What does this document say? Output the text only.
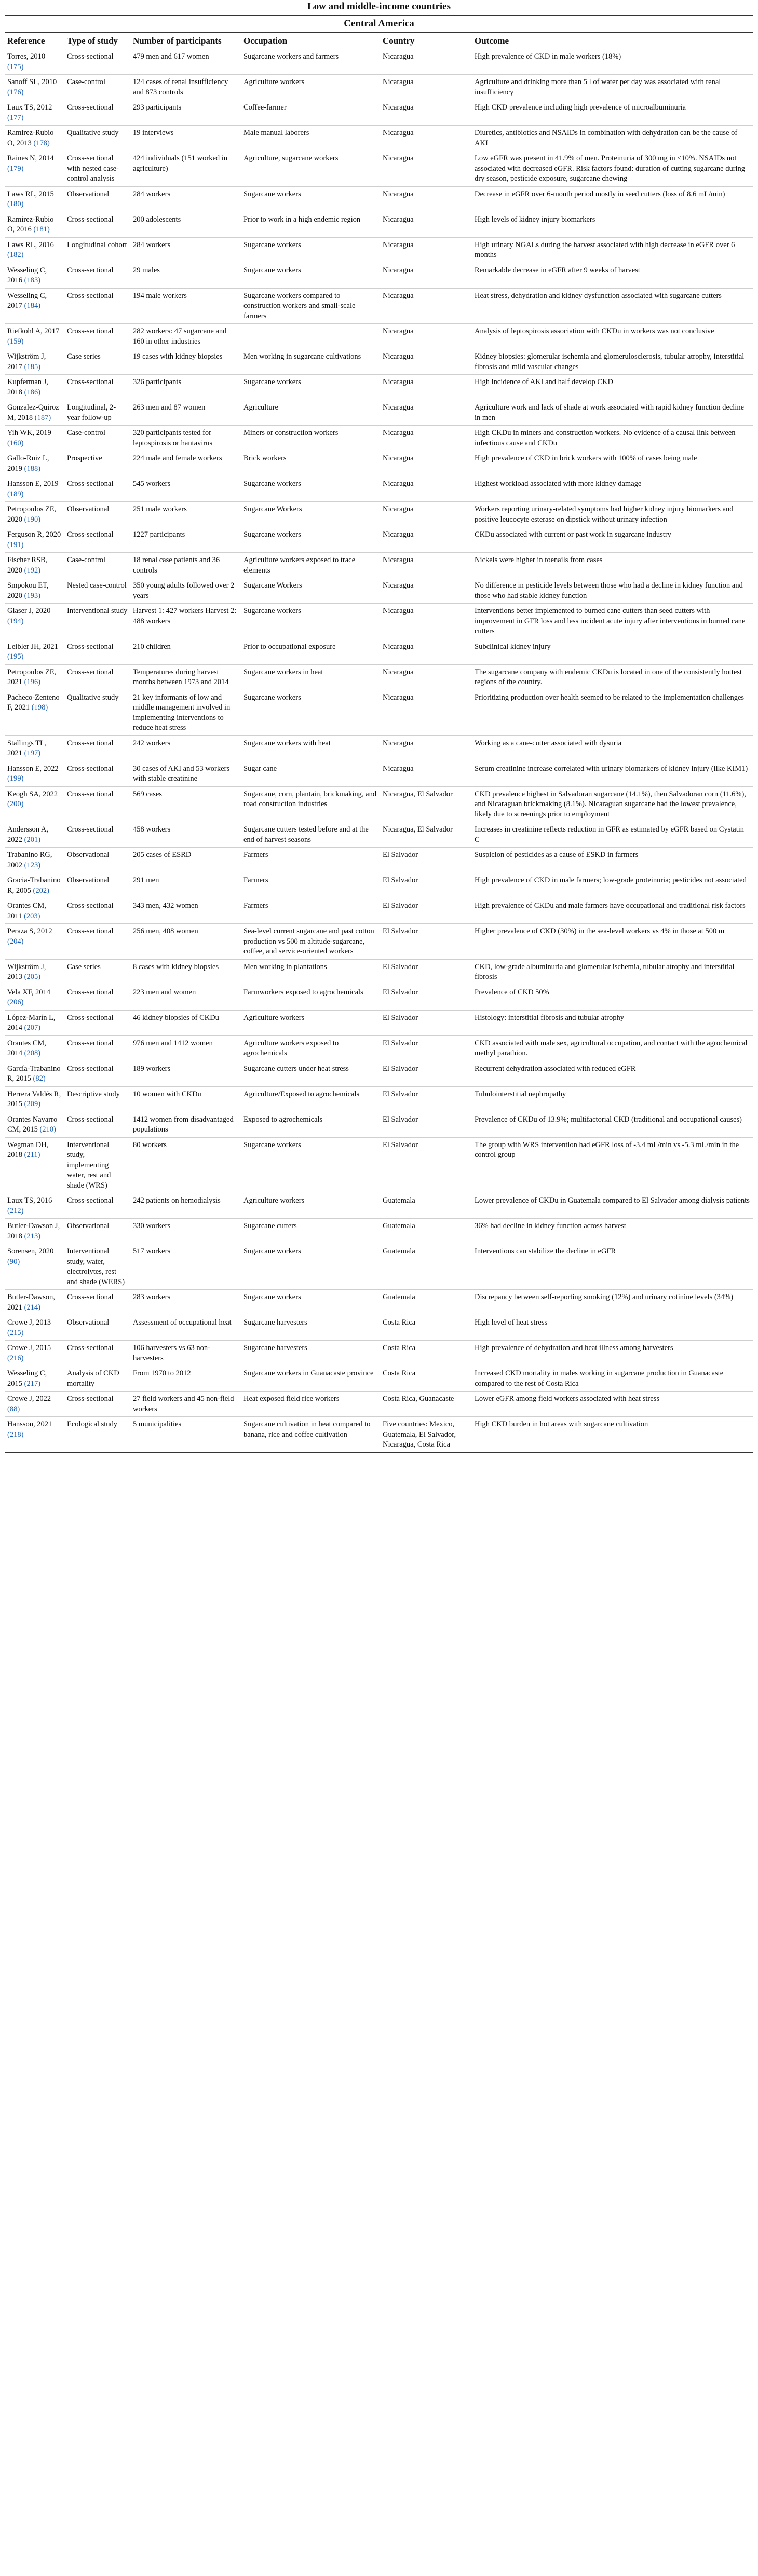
Low and middle-income countries
Central America
Reference	Type of study	Number of participants	Occupation	Country	Outcome
Torres, 2010 (175)	Cross-sectional	479 men and 617 women	Sugarcane workers and farmers	Nicaragua	High prevalence of CKD in male workers (18%)
Sanoff SL, 2010 (176)	Case-control	124 cases of renal insufficiency and 873 controls	Agriculture workers	Nicaragua	Agriculture and drinking more than 5 l of water per day was associated with renal insufficiency
Laux TS, 2012 (177)	Cross-sectional	293 participants	Coffee-farmer	Nicaragua	High CKD prevalence including high prevalence of microalbuminuria
Ramirez-Rubio O, 2013 (178)	Qualitative study	19 interviews	Male manual laborers	Nicaragua	Diuretics, antibiotics and NSAIDs in combination with dehydration can be the cause of AKI
Raines N, 2014 (179)	Cross-sectional with nested case-control analysis	424 individuals (151 worked in agriculture)	Agriculture, sugarcane workers	Nicaragua	Low eGFR was present in 41.9% of men. Proteinuria of 300 mg in <10%. NSAIDs not associated with decreased eGFR. Risk factors found: duration of cutting sugarcane during dry season, pesticide exposure, sugarcane chewing
Laws RL, 2015 (180)	Observational	284 workers	Sugarcane workers	Nicaragua	Decrease in eGFR over 6-month period mostly in seed cutters (loss of 8.6 mL/min)
Ramirez-Rubio O, 2016 (181)	Cross-sectional	200 adolescents	Prior to work in a high endemic region	Nicaragua	High levels of kidney injury biomarkers
Laws RL, 2016 (182)	Longitudinal cohort	284 workers	Sugarcane workers	Nicaragua	High urinary NGALs during the harvest associated with high decrease in eGFR over 6 months
Wesseling C, 2016 (183)	Cross-sectional	29 males	Sugarcane workers	Nicaragua	Remarkable decrease in eGFR after 9 weeks of harvest
Wesseling C, 2017 (184)	Cross-sectional	194 male workers	Sugarcane workers compared to construction workers and small-scale farmers	Nicaragua	Heat stress, dehydration and kidney dysfunction associated with sugarcane cutters
Riefkohl A, 2017 (159)	Cross-sectional	282 workers: 47 sugarcane and 160 in other industries		Nicaragua	Analysis of leptospirosis association with CKDu in workers was not conclusive
Wijkström J, 2017 (185)	Case series	19 cases with kidney biopsies	Men working in sugarcane cultivations	Nicaragua	Kidney biopsies: glomerular ischemia and glomerulosclerosis, tubular atrophy, interstitial fibrosis and mild vascular changes
Kupferman J, 2018 (186)	Cross-sectional	326 participants	Sugarcane workers	Nicaragua	High incidence of AKI and half develop CKD
Gonzalez-Quiroz M, 2018 (187)	Longitudinal, 2-year follow-up	263 men and 87 women	Agriculture	Nicaragua	Agriculture work and lack of shade at work associated with rapid kidney function decline in men
Yih WK, 2019 (160)	Case-control	320 participants tested for leptospirosis or hantavirus	Miners or construction workers	Nicaragua	High CKDu in miners and construction workers. No evidence of a causal link between infectious cause and CKDu
Gallo-Ruiz L, 2019 (188)	Prospective	224 male and female workers	Brick workers	Nicaragua	High prevalence of CKD in brick workers with 100% of cases being male
Hansson E, 2019 (189)	Cross-sectional	545 workers	Sugarcane workers	Nicaragua	Highest workload associated with more kidney damage
Petropoulos ZE, 2020 (190)	Observational	251 male workers	Sugarcane Workers	Nicaragua	Workers reporting urinary-related symptoms had higher kidney injury biomarkers and positive leucocyte esterase on dipstick without urinary infection
Ferguson R, 2020 (191)	Cross-sectional	1227 participants	Sugarcane workers	Nicaragua	CKDu associated with current or past work in sugarcane industry
Fischer RSB, 2020 (192)	Case-control	18 renal case patients and 36 controls	Agriculture workers exposed to trace elements	Nicaragua	Nickels were higher in toenails from cases
Smpokou ET, 2020 (193)	Nested case-control	350 young adults followed over 2 years	Sugarcane Workers	Nicaragua	No difference in pesticide levels between those who had a decline in kidney function and those who had stable kidney function
Glaser J, 2020 (194)	Interventional study	Harvest 1: 427 workers Harvest 2: 488 workers	Sugarcane workers	Nicaragua	Interventions better implemented to burned cane cutters than seed cutters with improvement in GFR loss and less incident acute injury after interventions in burned cane cutters
Leibler JH, 2021 (195)	Cross-sectional	210 children	Prior to occupational exposure	Nicaragua	Subclinical kidney injury
Petropoulos ZE, 2021 (196)	Cross-sectional	Temperatures during harvest months between 1973 and 2014	Sugarcane workers in heat	Nicaragua	The sugarcane company with endemic CKDu is located in one of the consistently hottest regions of the country.
Pacheco-Zenteno F, 2021 (198)	Qualitative study	21 key informants of low and middle management involved in implementing interventions to reduce heat stress	Sugarcane workers	Nicaragua	Prioritizing production over health seemed to be related to the implementation challenges
Stallings TL, 2021 (197)	Cross-sectional	242 workers	Sugarcane workers with heat	Nicaragua	Working as a cane-cutter associated with dysuria
Hansson E, 2022 (199)	Cross-sectional	30 cases of AKI and 53 workers with stable creatinine	Sugar cane	Nicaragua	Serum creatinine increase correlated with urinary biomarkers of kidney injury (like KIM1)
Keogh SA, 2022 (200)	Cross-sectional	569 cases	Sugarcane, corn, plantain, brickmaking, and road construction industries	Nicaragua, El Salvador	CKD prevalence highest in Salvadoran sugarcane (14.1%), then Salvadoran corn (11.6%), and Nicaraguan brickmaking (8.1%). Nicaraguan sugarcane had the lowest prevalence, likely due to screenings prior to employment
Andersson A, 2022 (201)	Cross-sectional	458 workers	Sugarcane cutters tested before and at the end of harvest seasons	Nicaragua, El Salvador	Increases in creatinine reflects reduction in GFR as estimated by eGFR based on Cystatin C
Trabanino RG, 2002 (123)	Observational	205 cases of ESRD	Farmers	El Salvador	Suspicion of pesticides as a cause of ESKD in farmers
Gracia-Trabanino R, 2005 (202)	Observational	291 men	Farmers	El Salvador	High prevalence of CKD in male farmers; low-grade proteinuria; pesticides not associated
Orantes CM, 2011 (203)	Cross-sectional	343 men, 432 women	Farmers	El Salvador	High prevalence of CKDu and male farmers have occupational and traditional risk factors
Peraza S, 2012 (204)	Cross-sectional	256 men, 408 women	Sea-level current sugarcane and past cotton production vs 500 m altitude-sugarcane, coffee, and service-oriented workers	El Salvador	Higher prevalence of CKD (30%) in the sea-level workers vs 4% in those at 500 m
Wijkström J, 2013 (205)	Case series	8 cases with kidney biopsies	Men working in plantations	El Salvador	CKD, low-grade albuminuria and glomerular ischemia, tubular atrophy and interstitial fibrosis
Vela XF, 2014 (206)	Cross-sectional	223 men and women	Farmworkers exposed to agrochemicals	El Salvador	Prevalence of CKD 50%
López-Marín L, 2014 (207)	Cross-sectional	46 kidney biopsies of CKDu	Agriculture workers	El Salvador	Histology: interstitial fibrosis and tubular atrophy
Orantes CM, 2014 (208)	Cross-sectional	976 men and 1412 women	Agriculture workers exposed to agrochemicals	El Salvador	CKD associated with male sex, agricultural occupation, and contact with the agrochemical methyl parathion.
García-Trabanino R, 2015 (82)	Cross-sectional	189 workers	Sugarcane cutters under heat stress	El Salvador	Recurrent dehydration associated with reduced eGFR
Herrera Valdés R, 2015 (209)	Descriptive study	10 women with CKDu	Agriculture/Exposed to agrochemicals	El Salvador	Tubulointerstitial nephropathy
Orantes Navarro CM, 2015 (210)	Cross-sectional	1412 women from disadvantaged populations	Exposed to agrochemicals	El Salvador	Prevalence of CKDu of 13.9%; multifactorial CKD (traditional and occupational causes)
Wegman DH, 2018 (211)	Interventional study, implementing water, rest and shade (WRS)	80 workers	Sugarcane workers	El Salvador	The group with WRS intervention had eGFR loss of -3.4 mL/min vs -5.3 mL/min in the control group
Laux TS, 2016 (212)	Cross-sectional	242 patients on hemodialysis	Agriculture workers	Guatemala	Lower prevalence of CKDu in Guatemala compared to El Salvador among dialysis patients
Butler-Dawson J, 2018 (213)	Observational	330 workers	Sugarcane cutters	Guatemala	36% had decline in kidney function across harvest
Sorensen, 2020 (90)	Interventional study, water, electrolytes, rest and shade (WERS)	517 workers	Sugarcane workers	Guatemala	Interventions can stabilize the decline in eGFR
Butler-Dawson, 2021 (214)	Cross-sectional	283 workers	Sugarcane workers	Guatemala	Discrepancy between self-reporting smoking (12%) and urinary cotinine levels (34%)
Crowe J, 2013 (215)	Observational	Assessment of occupational heat	Sugarcane harvesters	Costa Rica	High level of heat stress
Crowe J, 2015 (216)	Cross-sectional	106 harvesters vs 63 non-harvesters	Sugarcane harvesters	Costa Rica	High prevalence of dehydration and heat illness among harvesters
Wesseling C, 2015 (217)	Analysis of CKD mortality	From 1970 to 2012	Sugarcane workers in Guanacaste province	Costa Rica	Increased CKD mortality in males working in sugarcane production in Guanacaste compared to the rest of Costa Rica
Crowe J, 2022 (88)	Cross-sectional	27 field workers and 45 non-field workers	Heat exposed field rice workers	Costa Rica, Guanacaste	Lower eGFR among field workers associated with heat stress
Hansson, 2021 (218)	Ecological study	5 municipalities	Sugarcane cultivation in heat compared to banana, rice and coffee cultivation	Five countries: Mexico, Guatemala, El Salvador, Nicaragua, Costa Rica	High CKD burden in hot areas with sugarcane cultivation
